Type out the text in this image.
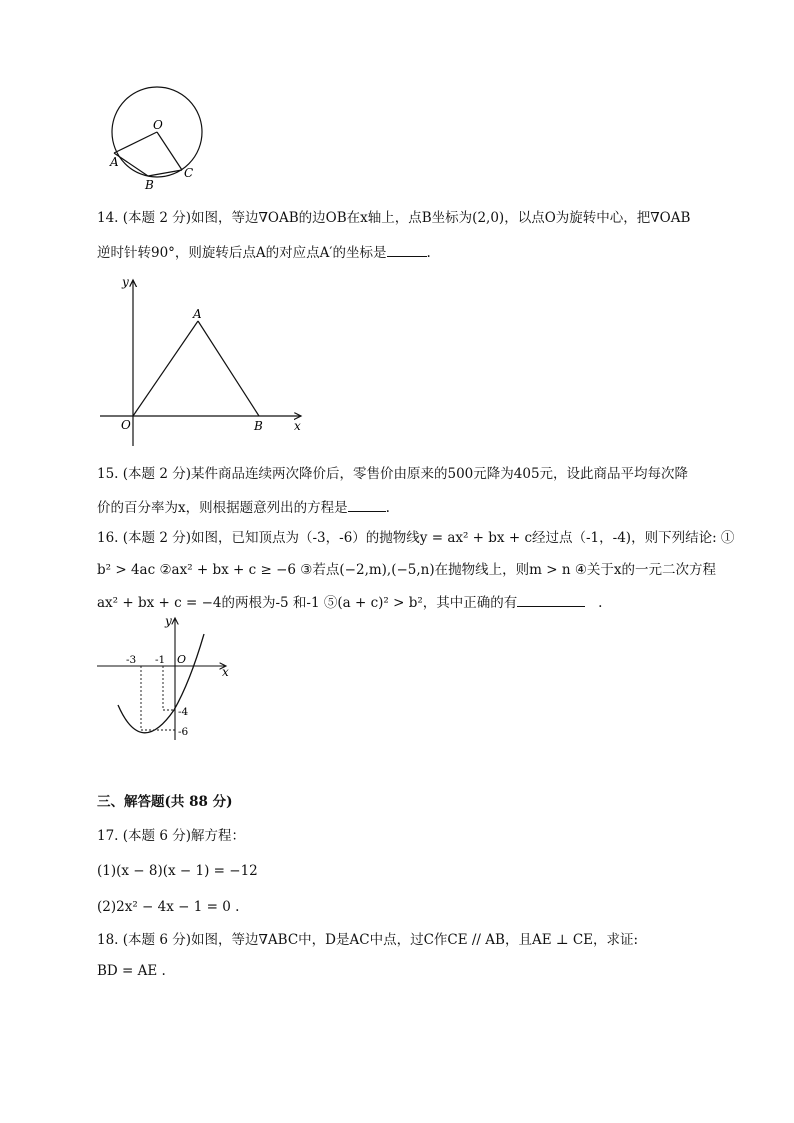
O
A
B
C
14. (本题 2 分)如图，等边∇OAB的边OB在x轴上，点B坐标为(2,0)，以点O为旋转中心，把∇OAB
逆时针转90°，则旋转后点A的对应点A′的坐标是	.
y
x
O
A
B
15. (本题 2 分)某件商品连续两次降价后，零售价由原来的500元降为405元，设此商品平均每次降
价的百分率为x，则根据题意列出的方程是	.
16. (本题 2 分)如图，已知顶点为（-3，-6）的抛物线y = ax² + bx + c经过点（-1，-4)，则下列结论: ①
b² > 4ac ②ax² + bx + c ≥ −6 ③若点(−2,m),(−5,n)在抛物线上，则m > n ④关于x的一元二次方程
ax² + bx + c = −4的两根为-5 和-1 ⑤(a + c)² > b²，其中正确的有	.
y
x
O
-3 -1
-4
-6
三、解答题(共 88 分)
17. (本题 6 分)解方程：
(1)(x − 8)(x − 1) = −12
(2)2x² − 4x − 1 = 0 .
18. (本题 6 分)如图，等边∇ABC中，D是AC中点，过C作CE // AB，且AE ⊥ CE，求证:
BD = AE .
